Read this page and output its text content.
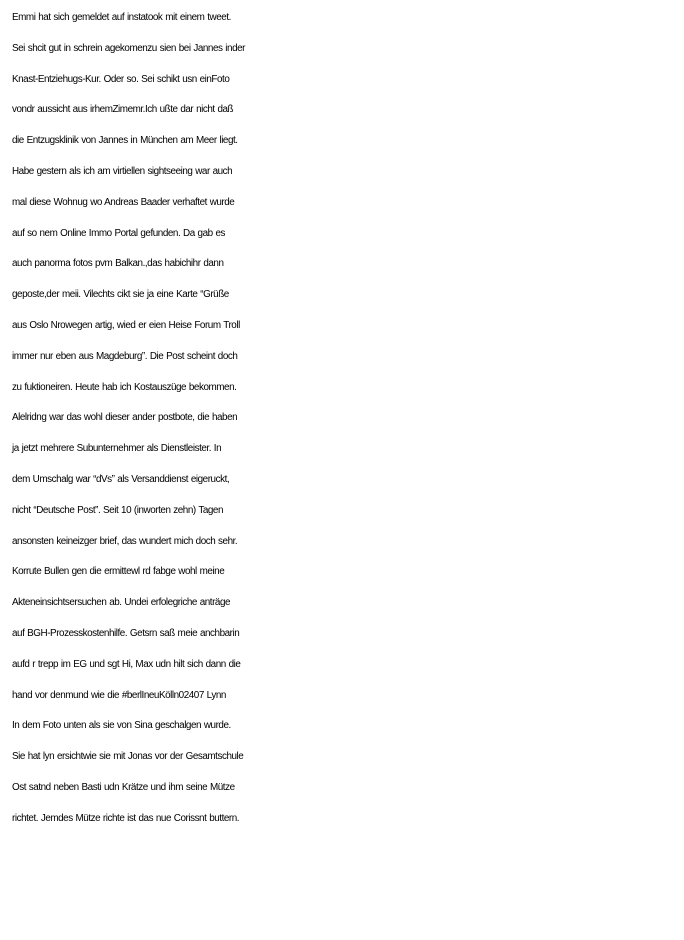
Emmi hat sich gemeldet auf instatook mit einem tweet.
Sei shcit gut in schrein agekomenzu sien bei Jannes inder
Knast-Entziehugs-Kur. Oder so. Sei schikt usn einFoto
vondr aussicht aus irhemZimemr.Ich ußte dar nicht daß
die Entzugsklinik von Jannes in München am Meer liegt.
Habe gestern als ich am virtiellen sightseeing war auch
mal diese Wohnug wo Andreas Baader verhaftet wurde
auf so nem Online Immo Portal gefunden. Da gab es
auch panorma fotos pvm Balkan.,das habichihr dann
geposte,der meii. Vilechts cikt sie ja eine Karte “Grüße
aus Oslo Nrowegen artig, wied er eien Heise Forum Troll
immer nur eben aus Magdeburg”. Die Post scheint doch
zu fuktioneiren. Heute hab ich Kostauszüge bekommen.
Alelridng war das wohl dieser ander postbote, die haben
ja jetzt mehrere Subunternehmer als Dienstleister. In
dem Umschalg war “dVs” als Versanddienst eigeruckt,
nicht “Deutsche Post”. Seit 10 (inworten zehn) Tagen
ansonsten keineizger brief, das wundert mich doch sehr.
Korrute Bullen gen die ermittewl rd fabge wohl meine
Akteneinsichtsersuchen ab. Undei erfolegriche anträge
auf BGH-Prozesskostenhilfe. Getsrn saß meie anchbarin
aufd r trepp im EG und sgt Hi, Max udn hilt sich dann die
hand vor denmund wie die #berlIneuKölln02407 Lynn
In dem Foto unten als sie von Sina geschalgen wurde.
Sie hat lyn ersichtwie sie mit Jonas vor der Gesamtschule
Ost satnd neben Basti udn Krätze und ihm seine Mütze
richtet. Jemdes Mütze richte ist das nue Corissnt buttern.
